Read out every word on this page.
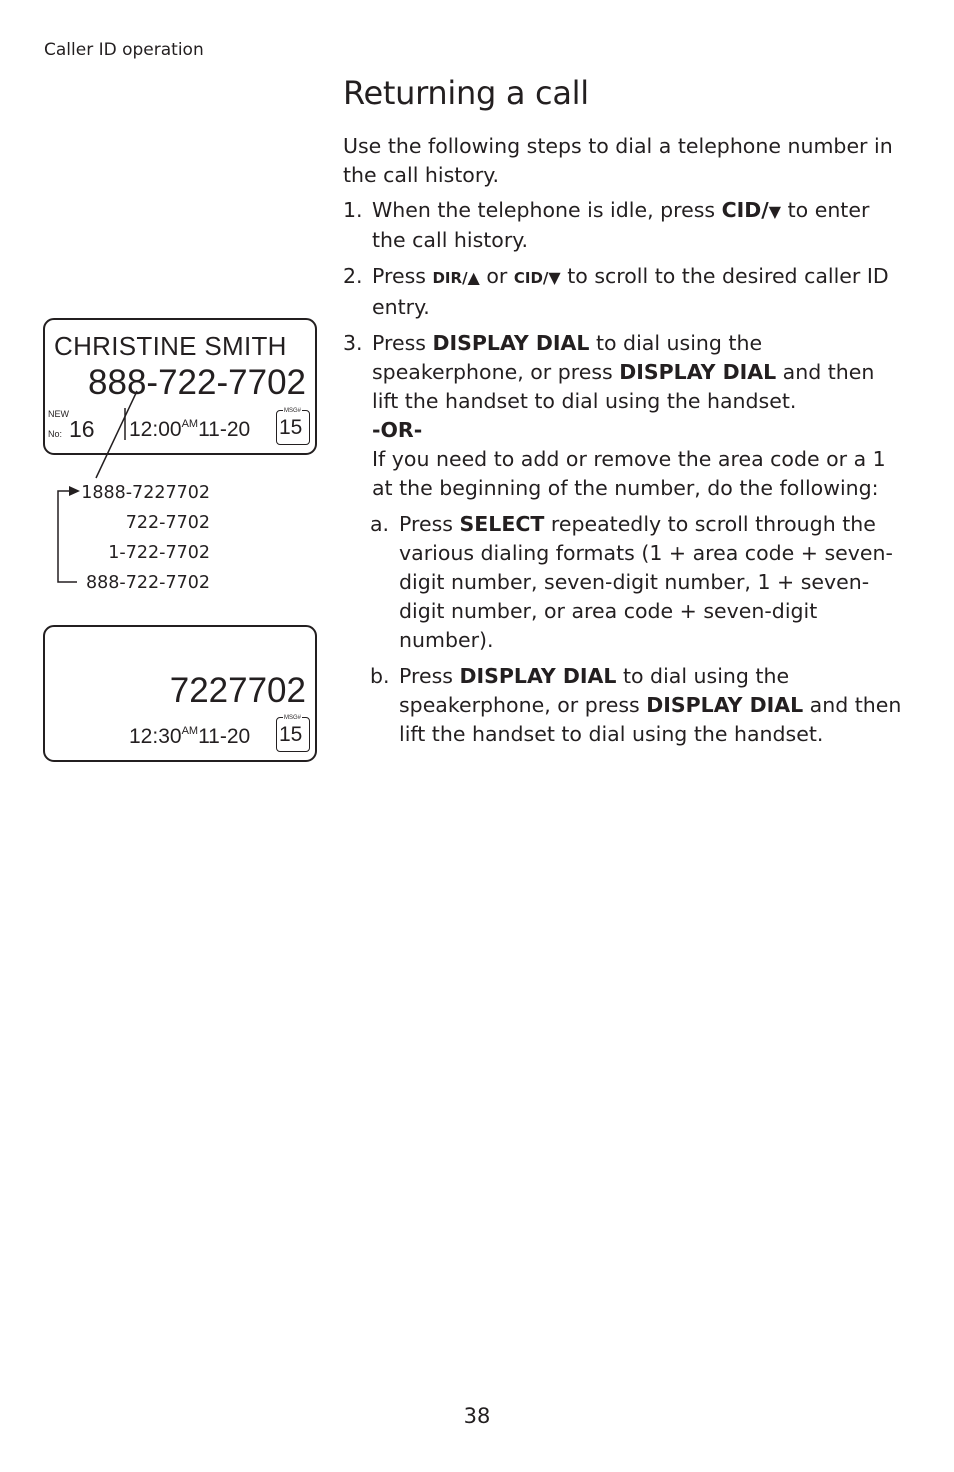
Caller ID operation
Returning a call
Use the following steps to dial a telephone number in the call history.
1. When the telephone is idle, press CID/▼ to enter the call history.
2. Press DIR/▲ or CID/▼ to scroll to the desired caller ID entry.
3. Press DISPLAY DIAL to dial using the speakerphone, or press DISPLAY DIAL and then lift the handset to dial using the handset.
-OR-
If you need to add or remove the area code or a 1 at the beginning of the number, do the following:
a. Press SELECT repeatedly to scroll through the various dialing formats (1 + area code + seven-digit number, seven-digit number, 1 + seven-digit number, or area code + seven-digit number).
b. Press DISPLAY DIAL to dial using the speakerphone, or press DISPLAY DIAL and then lift the handset to dial using the handset.
CHRISTINE SMITH
888-722-7702
NEW
No: 16 $12:00^{AM}11-20$
MSG#
15
1888-7227702
722-7702
1-722-7702
888-722-7702
7227702
$12:30^{AM}11-20$
MSG#
15
38
